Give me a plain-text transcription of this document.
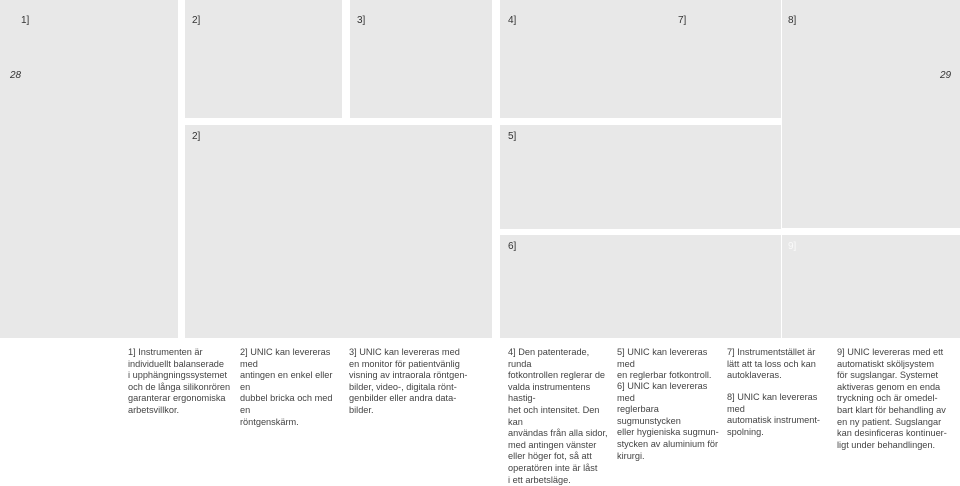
1]	2]	3]	4]	7]	8]
2]	5]
6]	9]
28	29

1] Instrumenten är
individuellt balanserade
i upphängningssystemet
och de långa silikonrören
garanterar ergonomiska
arbetsvillkor.

2] UNIC kan levereras med
antingen en enkel eller en
dubbel bricka och med en
röntgenskärm.

3] UNIC kan levereras med
en monitor för patientvänlig
visning av intraorala röntgen-
bilder, video-, digitala rönt-
genbilder eller andra data-
bilder.

4] Den patenterade, runda
fotkontrollen reglerar de
valda instrumentens hastig-
het och intensitet. Den kan
användas från alla sidor,
med antingen vänster
eller höger fot, så att
operatören inte är låst
i ett arbetsläge.

5] UNIC kan levereras med
en reglerbar fotkontroll.

6] UNIC kan levereras med
reglerbara sugmunstycken
eller hygieniska sugmun-
stycken av aluminium för
kirurgi.

7] Instrumentstället är
lätt att ta loss och kan
autoklaveras.

8] UNIC kan levereras med
automatisk instrument-
spolning.

9] UNIC levereras med ett
automatiskt sköljsystem
för sugslangar. Systemet
aktiveras genom en enda
tryckning och är omedel-
bart klart för behandling av
en ny patient. Sugslangar
kan desinficeras kontinuer-
ligt under behandlingen.
